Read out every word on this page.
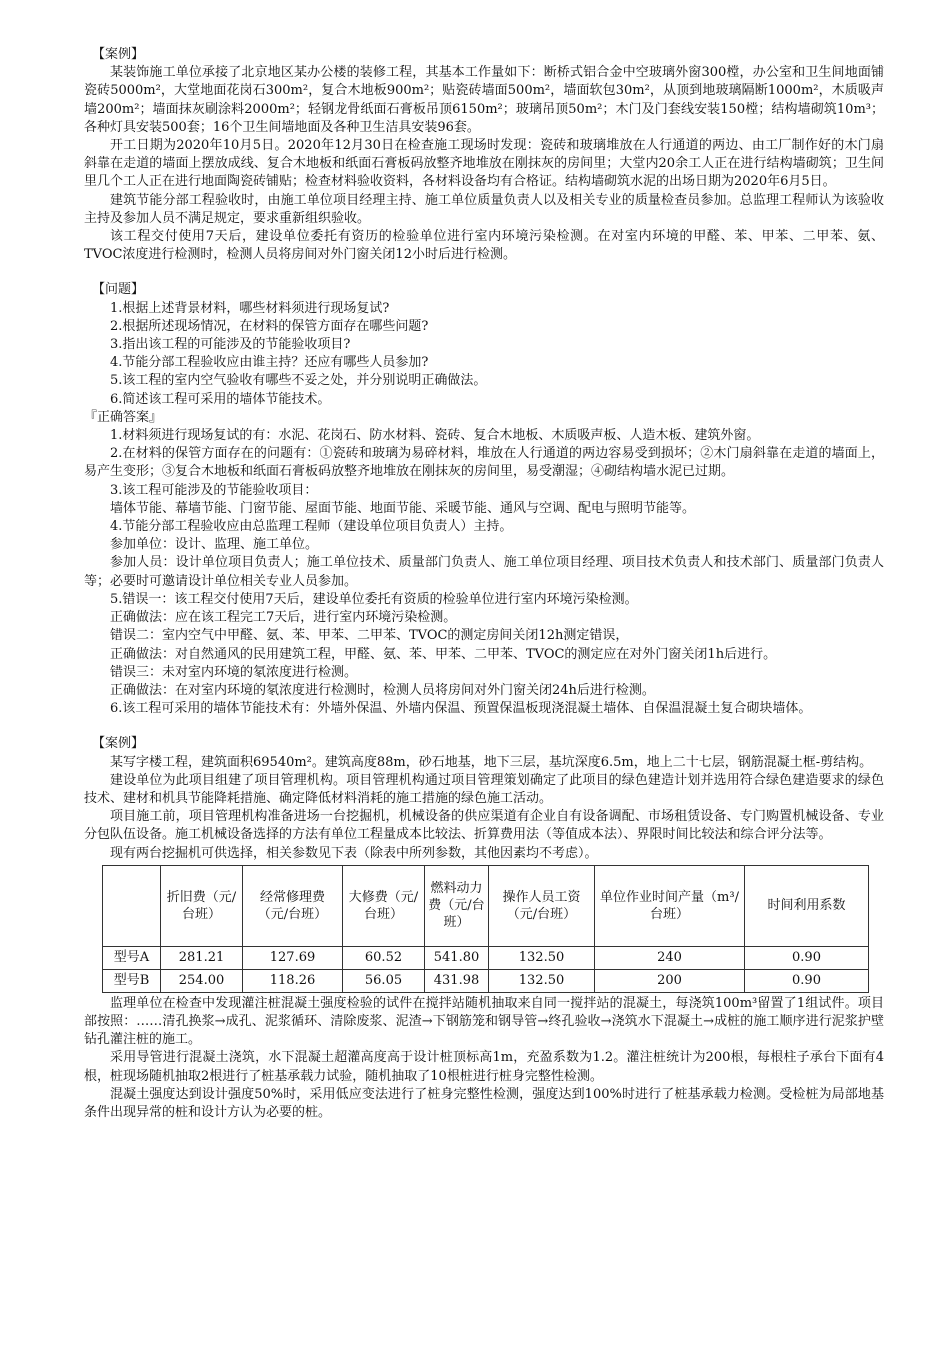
【案例】

某装饰施工单位承接了北京地区某办公楼的装修工程，其基本工作量如下：断桥式铝合金中空玻璃外窗300樘，办公室和卫生间地面铺瓷砖5000m²，大堂地面花岗石300m²，复合木地板900m²；贴瓷砖墙面500m²，墙面软包30m²，从顶到地玻璃隔断1000m²，木质吸声墙200m²；墙面抹灰刷涂料2000m²；轻钢龙骨纸面石膏板吊顶6150m²；玻璃吊顶50m²；木门及门套线安装150樘；结构墙砌筑10m³；各种灯具安装500套；16个卫生间墙地面及各种卫生洁具安装96套。

开工日期为2020年10月5日。2020年12月30日在检查施工现场时发现：瓷砖和玻璃堆放在人行通道的两边、由工厂制作好的木门扇斜靠在走道的墙面上摆放成线、复合木地板和纸面石膏板码放整齐地堆放在刚抹灰的房间里；大堂内20余工人正在进行结构墙砌筑；卫生间里几个工人正在进行地面陶瓷砖铺贴；检查材料验收资料，各材料设备均有合格证。结构墙砌筑水泥的出场日期为2020年6月5日。

建筑节能分部工程验收时，由施工单位项目经理主持、施工单位质量负责人以及相关专业的质量检查员参加。总监理工程师认为该验收主持及参加人员不满足规定，要求重新组织验收。

该工程交付使用7天后，建设单位委托有资历的检验单位进行室内环境污染检测。在对室内环境的甲醛、苯、甲苯、二甲苯、氨、TVOC浓度进行检测时，检测人员将房间对外门窗关闭12小时后进行检测。

【问题】

1.根据上述背景材料，哪些材料须进行现场复试?

2.根据所述现场情况，在材料的保管方面存在哪些问题?

3.指出该工程的可能涉及的节能验收项目?

4.节能分部工程验收应由谁主持？还应有哪些人员参加?

5.该工程的室内空气验收有哪些不妥之处，并分别说明正确做法。

6.简述该工程可采用的墙体节能技术。

『正确答案』

1.材料须进行现场复试的有：水泥、花岗石、防水材料、瓷砖、复合木地板、木质吸声板、人造木板、建筑外窗。

2.在材料的保管方面存在的问题有：①瓷砖和玻璃为易碎材料，堆放在人行通道的两边容易受到损坏；②木门扇斜靠在走道的墙面上，易产生变形；③复合木地板和纸面石膏板码放整齐地堆放在刚抹灰的房间里，易受潮湿；④砌结构墙水泥已过期。

3.该工程可能涉及的节能验收项目：

墙体节能、幕墙节能、门窗节能、屋面节能、地面节能、采暖节能、通风与空调、配电与照明节能等。

4.节能分部工程验收应由总监理工程师（建设单位项目负责人）主持。

参加单位：设计、监理、施工单位。

参加人员：设计单位项目负责人；施工单位技术、质量部门负责人、施工单位项目经理、项目技术负责人和技术部门、质量部门负责人等；必要时可邀请设计单位相关专业人员参加。

5.错误一：该工程交付使用7天后，建设单位委托有资质的检验单位进行室内环境污染检测。

正确做法：应在该工程完工7天后，进行室内环境污染检测。

错误二：室内空气中甲醛、氨、苯、甲苯、二甲苯、TVOC的测定房间关闭12h测定错误，

正确做法：对自然通风的民用建筑工程，甲醛、氨、苯、甲苯、二甲苯、TVOC的测定应在对外门窗关闭1h后进行。

错误三：未对室内环境的氡浓度进行检测。

正确做法：在对室内环境的氡浓度进行检测时，检测人员将房间对外门窗关闭24h后进行检测。

6.该工程可采用的墙体节能技术有：外墙外保温、外墙内保温、预置保温板现浇混凝土墙体、自保温混凝土复合砌块墙体。

【案例】

某写字楼工程，建筑面积69540m²。建筑高度88m，砂石地基，地下三层，基坑深度6.5m，地上二十七层，钢筋混凝土框-剪结构。

建设单位为此项目组建了项目管理机构。项目管理机构通过项目管理策划确定了此项目的绿色建造计划并选用符合绿色建造要求的绿色技术、建材和机具节能降耗措施、确定降低材料消耗的施工措施的绿色施工活动。

项目施工前，项目管理机构准备进场一台挖掘机，机械设备的供应渠道有企业自有设备调配、市场租赁设备、专门购置机械设备、专业分包队伍设备。施工机械设备选择的方法有单位工程量成本比较法、折算费用法（等值成本法）、界限时间比较法和综合评分法等。

现有两台挖掘机可供选择，相关参数见下表（除表中所列参数，其他因素均不考虑）。

	折旧费（元/台班）	经常修理费（元/台班）	大修费（元/台班）	燃料动力费（元/台班）	操作人员工资（元/台班）	单位作业时间产量（m³/台班）	时间利用系数
型号A	281.21	127.69	60.52	541.80	132.50	240	0.90
型号B	254.00	118.26	56.05	431.98	132.50	200	0.90

监理单位在检查中发现灌注桩混凝土强度检验的试件在搅拌站随机抽取来自同一搅拌站的混凝土，每浇筑100m³留置了1组试件。项目部按照：……清孔换浆→成孔、泥浆循环、清除废浆、泥渣→下钢筋笼和钢导管→终孔验收→浇筑水下混凝土→成桩的施工顺序进行泥浆护壁钻孔灌注桩的施工。

采用导管进行混凝土浇筑，水下混凝土超灌高度高于设计桩顶标高1m，充盈系数为1.2。灌注桩统计为200根，每根柱子承台下面有4根，桩现场随机抽取2根进行了桩基承载力试验，随机抽取了10根桩进行桩身完整性检测。

混凝土强度达到设计强度50%时，采用低应变法进行了桩身完整性检测，强度达到100%时进行了桩基承载力检测。受检桩为局部地基条件出现异常的桩和设计方认为必要的桩。
